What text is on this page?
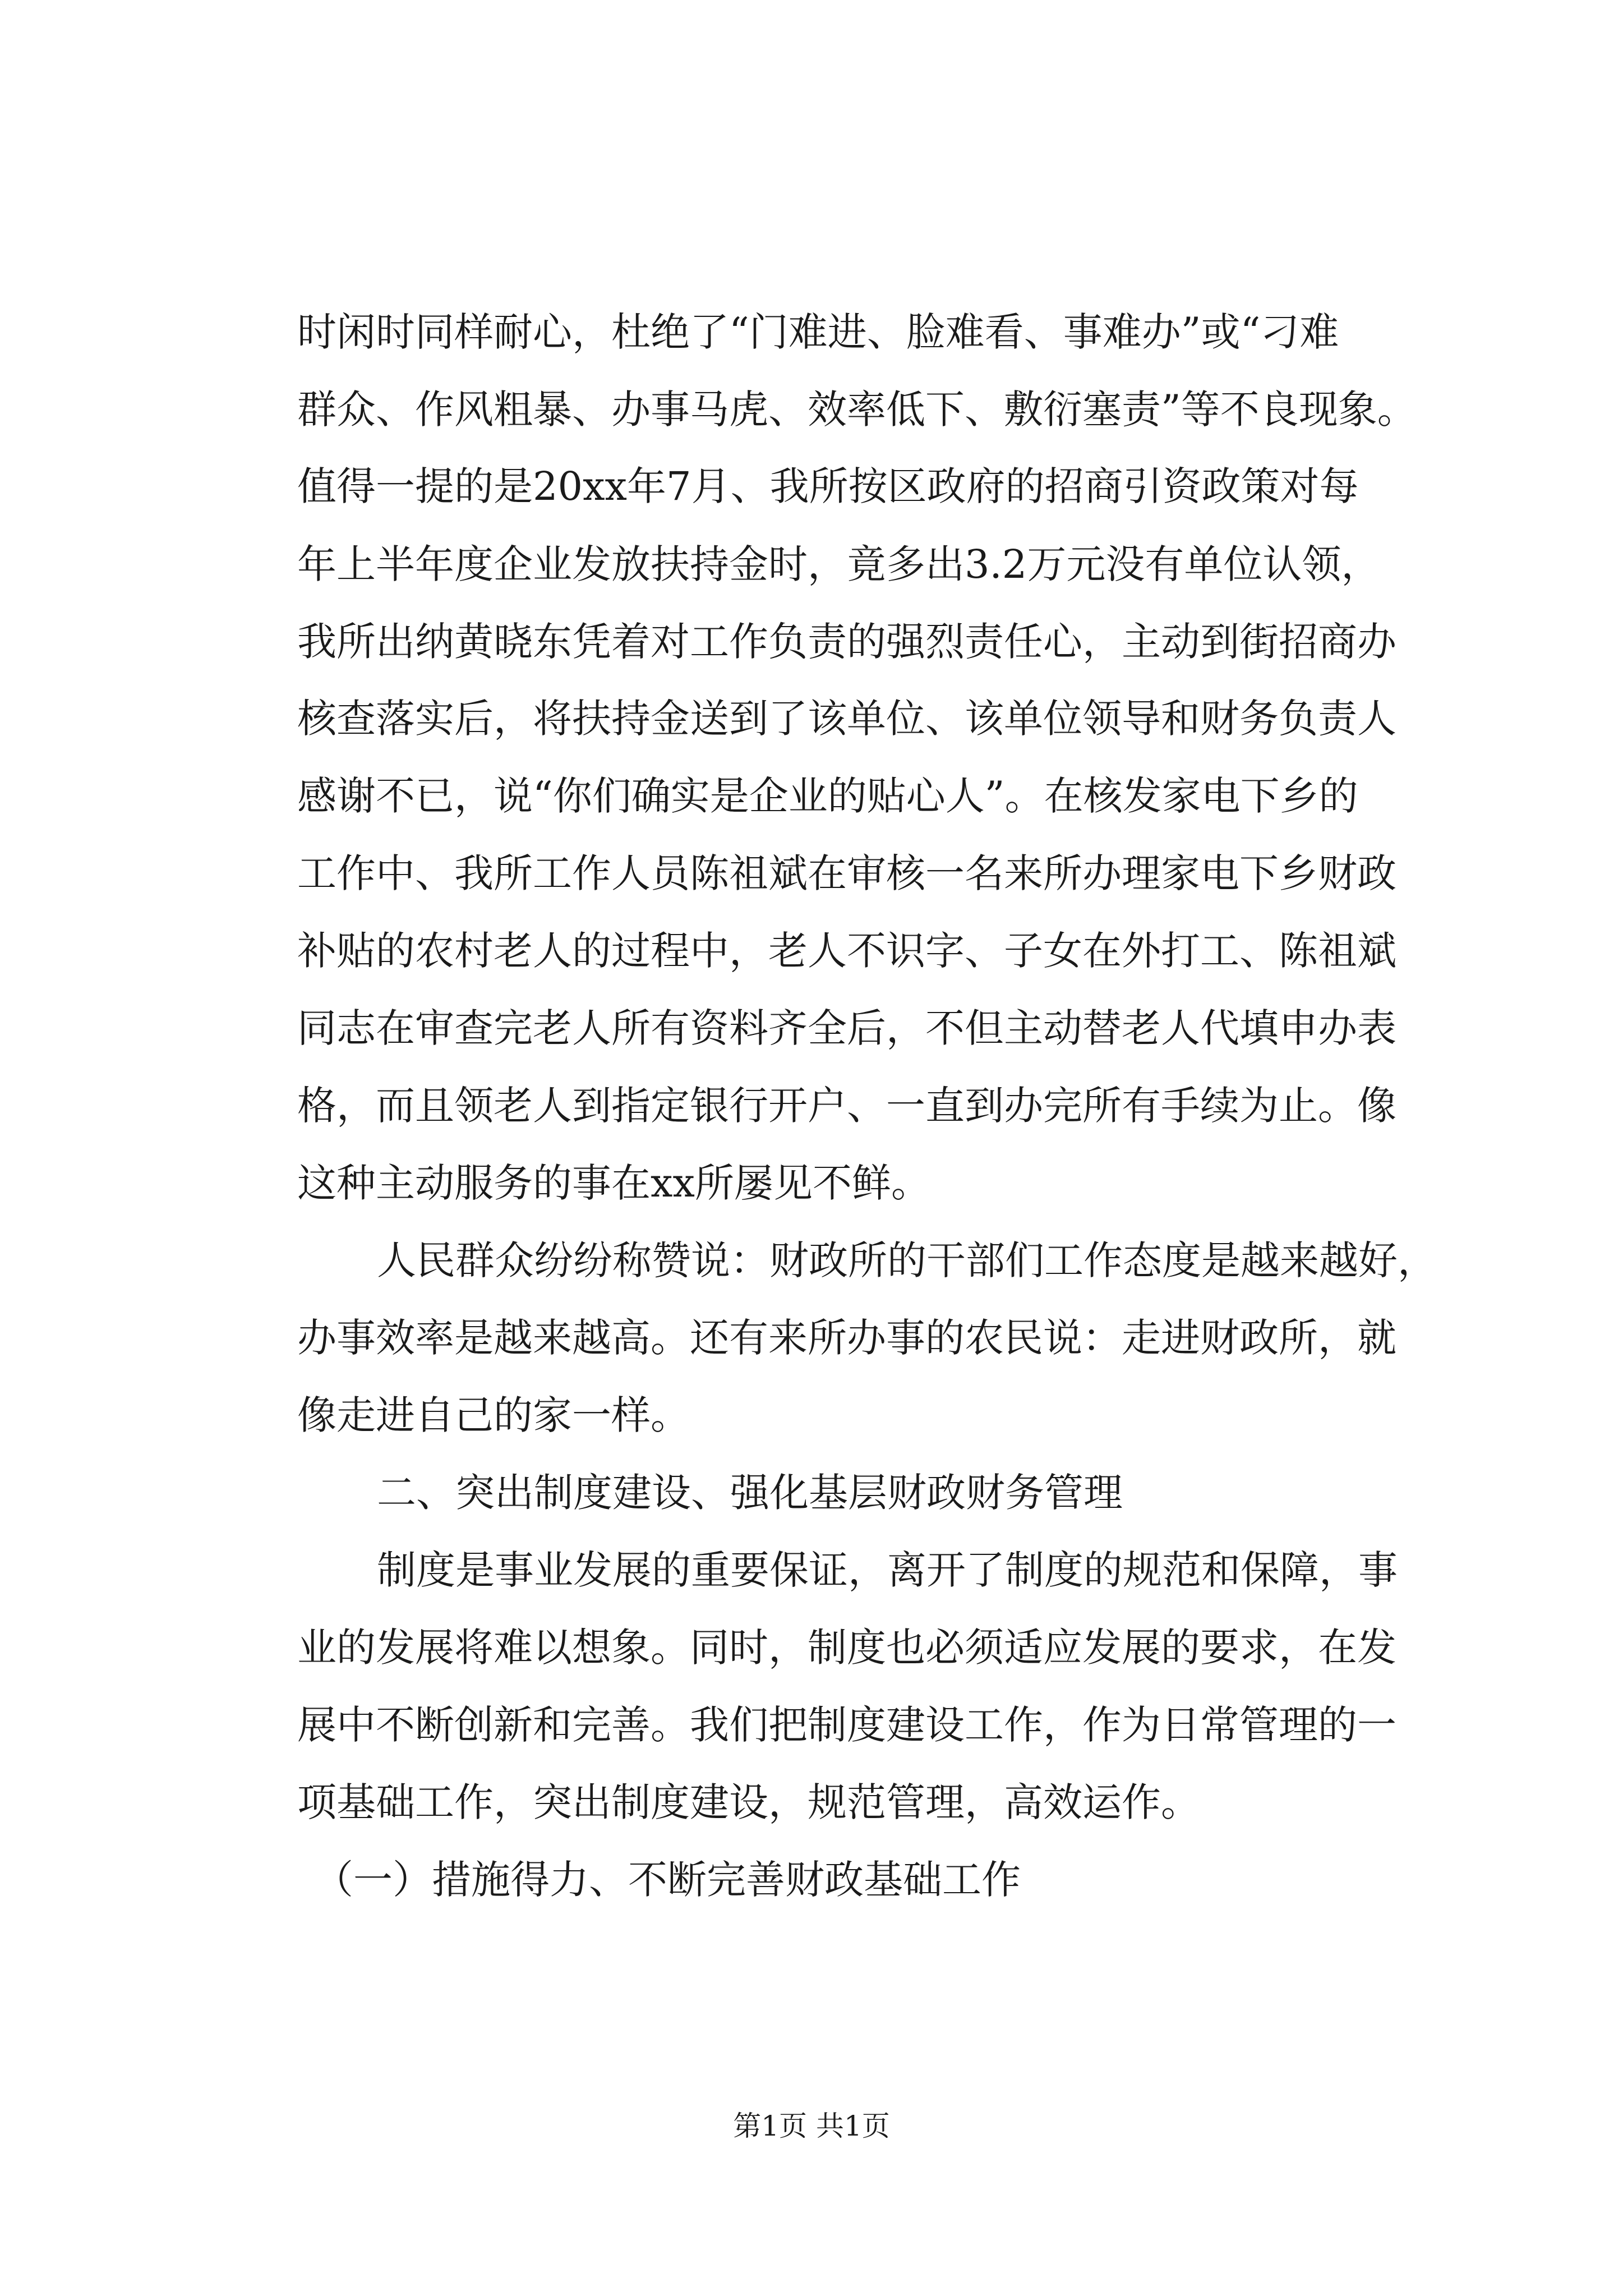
时闲时同样耐心，杜绝了“门难进、脸难看、事难办”或“刁难

群众、作风粗暴、办事马虎、效率低下、敷衍塞责”等不良现象。

值得一提的是20xx年7月、我所按区政府的招商引资政策对每

年上半年度企业发放扶持金时，竟多出3.2万元没有单位认领，

我所出纳黄晓东凭着对工作负责的强烈责任心，主动到街招商办

核查落实后，将扶持金送到了该单位、该单位领导和财务负责人

感谢不已，说“你们确实是企业的贴心人”。在核发家电下乡的

工作中、我所工作人员陈祖斌在审核一名来所办理家电下乡财政

补贴的农村老人的过程中，老人不识字、子女在外打工、陈祖斌

同志在审查完老人所有资料齐全后，不但主动替老人代填申办表

格，而且领老人到指定银行开户、一直到办完所有手续为止。像

这种主动服务的事在xx所屡见不鲜。

人民群众纷纷称赞说：财政所的干部们工作态度是越来越好，

办事效率是越来越高。还有来所办事的农民说：走进财政所，就

像走进自己的家一样。

二、突出制度建设、强化基层财政财务管理

制度是事业发展的重要保证，离开了制度的规范和保障，事

业的发展将难以想象。同时，制度也必须适应发展的要求，在发

展中不断创新和完善。我们把制度建设工作，作为日常管理的一

项基础工作，突出制度建设，规范管理，高效运作。

（一）措施得力、不断完善财政基础工作

第1页 共1页
